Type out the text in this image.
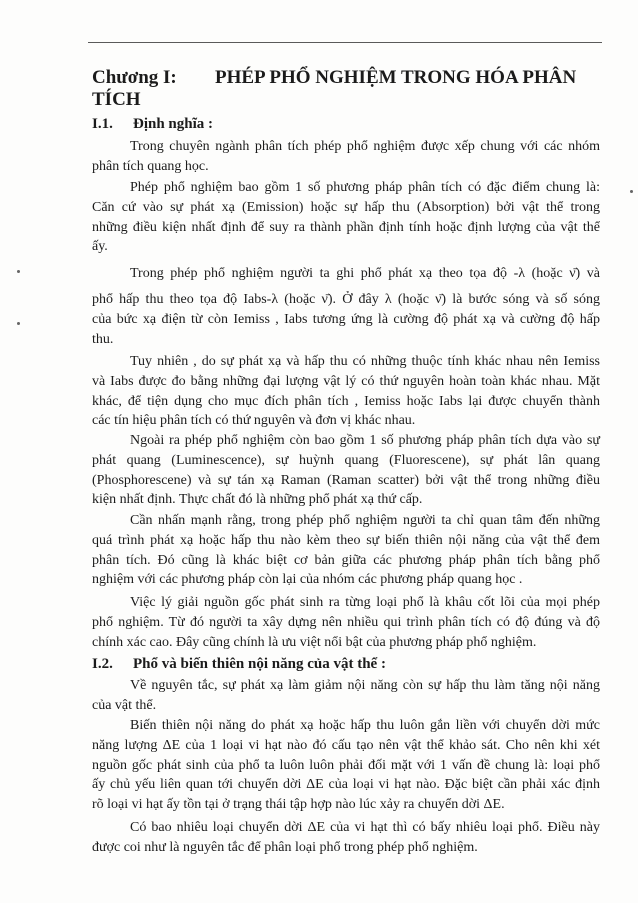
Chương I: PHÉP PHỔ NGHIỆM TRONG HÓA PHÂN
TÍCH
I.1. Định nghĩa :
Trong chuyên ngành phân tích phép phổ nghiệm được xếp chung với các nhóm
phân tích quang học.
Phép phổ nghiệm bao gồm 1 số phương pháp phân tích có đặc điểm chung là:
Căn cứ vào sự phát xạ (Emission) hoặc sự hấp thu (Absorption) bởi vật thể trong
những điều kiện nhất định để suy ra thành phần định tính hoặc định lượng của vật thể
ấy.
Trong phép phổ nghiệm người ta ghi phổ phát xạ theo tọa độ -λ (hoặc ν̄) và
phổ hấp thu theo tọa độ Iabs-λ (hoặc ν̄). Ở đây λ (hoặc ν̄) là bước sóng và số sóng
của bức xạ điện từ còn Iemiss , Iabs tương ứng là cường độ phát xạ và cường độ hấp
thu.
Tuy nhiên , do sự phát xạ và hấp thu có những thuộc tính khác nhau nên Iemiss
và Iabs được đo bằng những đại lượng vật lý có thứ nguyên hoàn toàn khác nhau. Mặt
khác, để tiện dụng cho mục đích phân tích , Iemiss hoặc Iabs lại được chuyển thành
các tín hiệu phân tích có thứ nguyên và đơn vị khác nhau.
Ngoài ra phép phổ nghiệm còn bao gồm 1 số phương pháp phân tích dựa vào sự
phát quang (Luminescence), sự huỳnh quang (Fluorescene), sự phát lân quang
(Phosphorescene) và sự tán xạ Raman (Raman scatter) bởi vật thể trong những điều
kiện nhất định. Thực chất đó là những phổ phát xạ thứ cấp.
Cần nhấn mạnh rằng, trong phép phổ nghiệm người ta chỉ quan tâm đến những
quá trình phát xạ hoặc hấp thu nào kèm theo sự biến thiên nội năng của vật thể đem
phân tích. Đó cũng là khác biệt cơ bản giữa các phương pháp phân tích bằng phổ
nghiệm với các phương pháp còn lại của nhóm các phương pháp quang học .
Việc lý giải nguồn gốc phát sinh ra từng loại phổ là khâu cốt lõi của mọi phép
phổ nghiệm. Từ đó người ta xây dựng nên nhiều qui trình phân tích có độ đúng và độ
chính xác cao. Đây cũng chính là ưu việt nổi bật của phương pháp phổ nghiệm.
I.2. Phổ và biến thiên nội năng của vật thể :
Về nguyên tắc, sự phát xạ làm giảm nội năng còn sự hấp thu làm tăng nội năng
của vật thể.
Biến thiên nội năng do phát xạ hoặc hấp thu luôn gắn liền với chuyển dời mức
năng lượng ΔE của 1 loại vi hạt nào đó cấu tạo nên vật thể khảo sát. Cho nên khi xét
nguồn gốc phát sinh của phổ ta luôn luôn phải đối mặt với 1 vấn đề chung là: loại phổ
ấy chủ yếu liên quan tới chuyển dời ΔE của loại vi hạt nào. Đặc biệt cần phải xác định
rõ loại vi hạt ấy tồn tại ở trạng thái tập hợp nào lúc xảy ra chuyển dời ΔE.
Có bao nhiêu loại chuyển dời ΔE của vi hạt thì có bấy nhiêu loại phổ. Điều này
được coi như là nguyên tắc để phân loại phổ trong phép phổ nghiệm.
